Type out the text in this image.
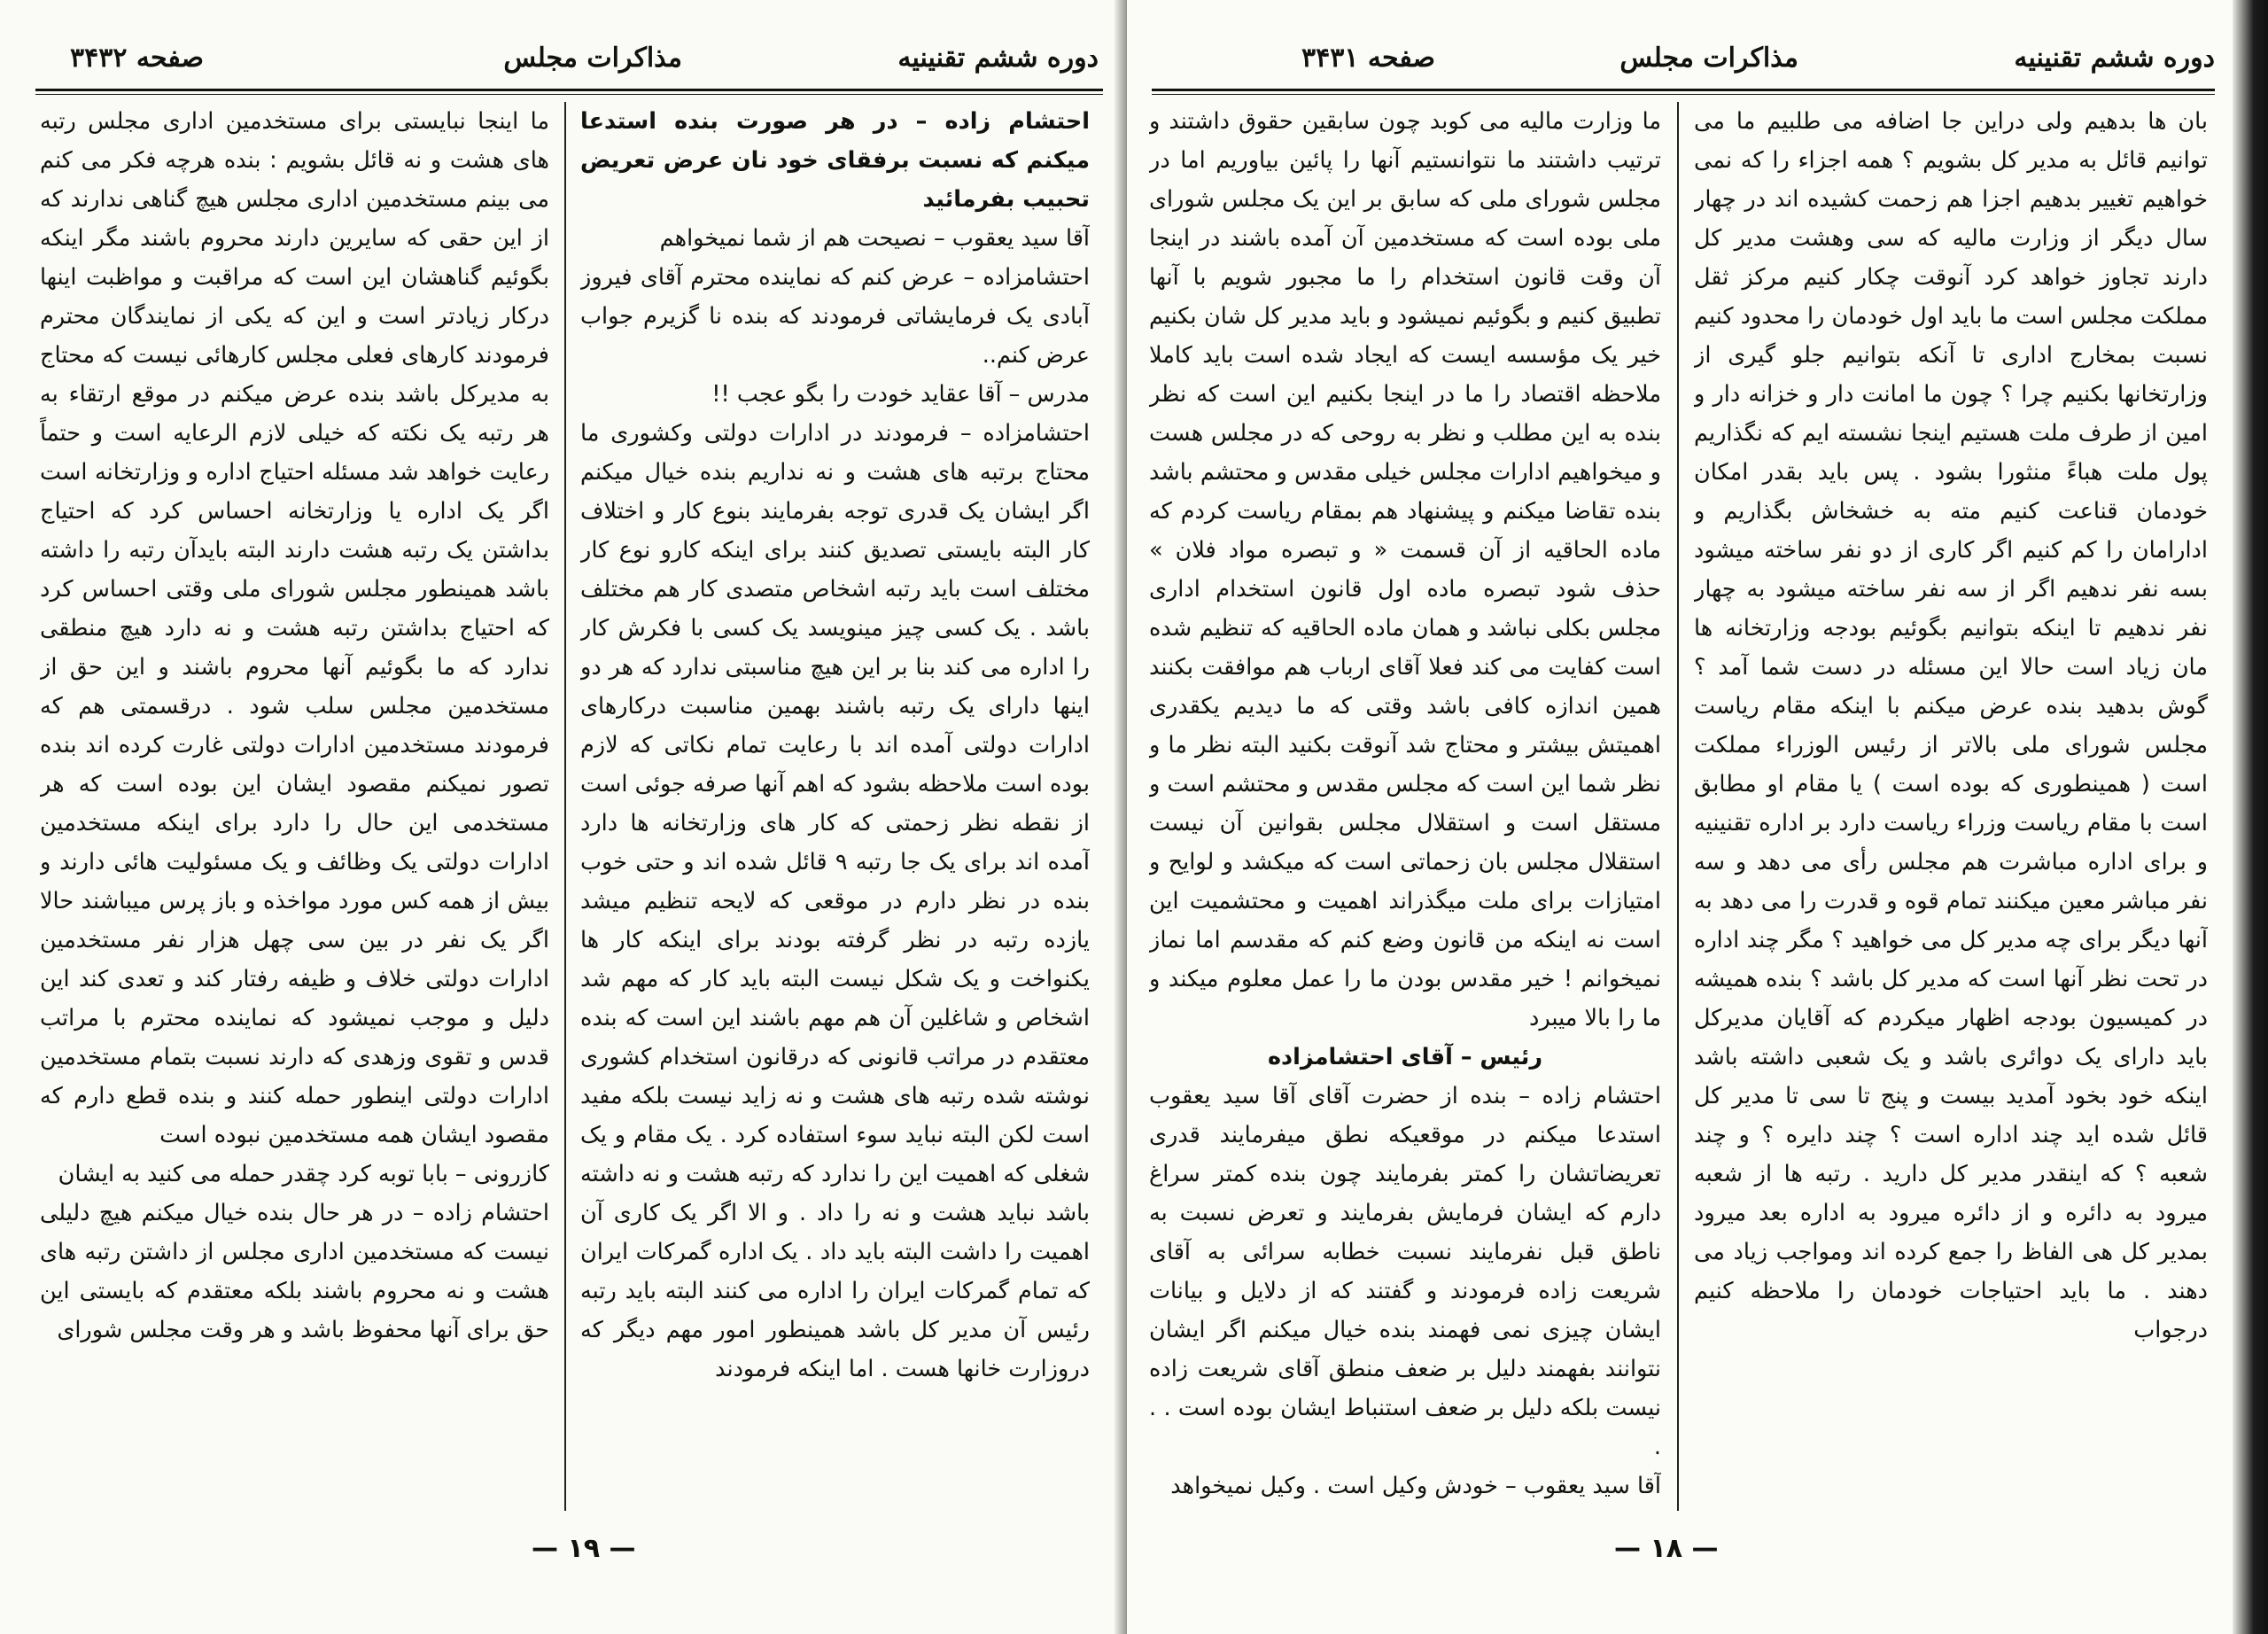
دوره ششم تقنینیه
مذاکرات مجلس
صفحه ۳۴۳۲

احتشام زاده – در هر صورت بنده استدعا میکنم که نسبت برفقای خود نان عرض تعریض تحبیب بفرمائید

آقا سید یعقوب – نصیحت هم از شما نمیخواهم

احتشامزاده – عرض کنم که نماینده محترم آقای فیروز آبادی یک فرمایشاتی فرمودند که بنده نا گزیرم جواب عرض کنم..

مدرس – آقا عقاید خودت را بگو عجب !!

احتشامزاده – فرمودند در ادارات دولتی وکشوری ما محتاج برتبه های هشت و نه نداریم بنده خیال میکنم اگر ایشان یک قدری توجه بفرمایند بنوع کار و اختلاف کار البته بایستی تصدیق کنند برای اینکه کارو نوع کار مختلف است باید رتبه اشخاص متصدی کار هم مختلف باشد . یک کسی چیز مینویسد یک کسی با فکرش کار را اداره می کند بنا بر این هیچ مناسبتی ندارد که هر دو اینها دارای یک رتبه باشند بهمین مناسبت درکارهای ادارات دولتی آمده اند با رعایت تمام نکاتی که لازم بوده است ملاحظه بشود که اهم آنها صرفه جوئی است از نقطه نظر زحمتی که کار های وزارتخانه ها دارد آمده اند برای یک جا رتبه ۹ قائل شده اند و حتی خوب بنده در نظر دارم در موقعی که لایحه تنظیم میشد یازده رتبه در نظر گرفته بودند برای اینکه کار ها یکنواخت و یک شکل نیست البته باید کار که مهم شد اشخاص و شاغلین آن هم مهم باشند این است که بنده معتقدم در مراتب قانونی که درقانون استخدام کشوری نوشته شده رتبه های هشت و نه زاید نیست بلکه مفید است لکن البته نباید سوء استفاده کرد . یک مقام و یک شغلی که اهمیت این را ندارد که رتبه هشت و نه داشته باشد نباید هشت و نه را داد . و الا اگر یک کاری آن اهمیت را داشت البته باید داد . یک اداره گمرکات ایران که تمام گمرکات ایران را اداره می کنند البته باید رتبه رئیس آن مدیر کل باشد همینطور امور مهم دیگر که دروزارت خانها هست . اما اینکه فرمودند

ما اینجا نبایستی برای مستخدمین اداری مجلس رتبه های هشت و نه قائل بشویم : بنده هرچه فکر می کنم می بینم مستخدمین اداری مجلس هیچ گناهی ندارند که از این حقی که سایرین دارند محروم باشند مگر اینکه بگوئیم گناهشان این است که مراقبت و مواظبت اینها درکار زیادتر است و این که یکی از نمایندگان محترم فرمودند کارهای فعلی مجلس کارهائی نیست که محتاج به مدیرکل باشد بنده عرض میکنم در موقع ارتقاء به هر رتبه یک نکته که خیلی لازم الرعایه است و حتماً رعایت خواهد شد مسئله احتیاج اداره و وزارتخانه است اگر یک اداره یا وزارتخانه احساس کرد که احتیاج بداشتن یک رتبه هشت دارند البته بایدآن رتبه را داشته باشد همینطور مجلس شورای ملی وقتی احساس کرد که احتیاج بداشتن رتبه هشت و نه دارد هیچ منطقی ندارد که ما بگوئیم آنها محروم باشند و این حق از مستخدمین مجلس سلب شود . درقسمتی هم که فرمودند مستخدمین ادارات دولتی غارت کرده اند بنده تصور نمیکنم مقصود ایشان این بوده است که هر مستخدمی این حال را دارد برای اینکه مستخدمین ادارات دولتی یک وظائف و یک مسئولیت هائی دارند و بیش از همه کس مورد مواخذه و باز پرس میباشند حالا اگر یک نفر در بین سی چهل هزار نفر مستخدمین ادارات دولتی خلاف و ظیفه رفتار کند و تعدی کند این دلیل و موجب نمیشود که نماینده محترم با مراتب قدس و تقوی وزهدی که دارند نسبت بتمام مستخدمین ادارات دولتی اینطور حمله کنند و بنده قطع دارم که مقصود ایشان همه مستخدمین نبوده است

کازرونی – بابا توبه کرد چقدر حمله می کنید به ایشان

احتشام زاده – در هر حال بنده خیال میکنم هیچ دلیلی نیست که مستخدمین اداری مجلس از داشتن رتبه های هشت و نه محروم باشند بلکه معتقدم که بایستی این حق برای آنها محفوظ باشد و هر وقت مجلس شورای

— ۱۹ —
دوره ششم تقنینیه
مذاکرات مجلس
صفحه ۳۴۳۱

بان ها بدهیم ولی دراین جا اضافه می طلبیم ما می توانیم قائل به مدیر کل بشویم ؟ همه اجزاء را که نمی خواهیم تغییر بدهیم اجزا هم زحمت کشیده اند در چهار سال دیگر از وزارت مالیه که سی وهشت مدیر کل دارند تجاوز خواهد کرد آنوقت چکار کنیم مرکز ثقل مملکت مجلس است ما باید اول خودمان را محدود کنیم نسبت بمخارج اداری تا آنکه بتوانیم جلو گیری از وزارتخانها بکنیم چرا ؟ چون ما امانت دار و خزانه دار و امین از طرف ملت هستیم اینجا نشسته ایم که نگذاریم پول ملت هباءً منثورا بشود . پس باید بقدر امکان خودمان قناعت کنیم مته به خشخاش بگذاریم و ادارامان را کم کنیم اگر کاری از دو نفر ساخته میشود بسه نفر ندهیم اگر از سه نفر ساخته میشود به چهار نفر ندهیم تا اینکه بتوانیم بگوئیم بودجه وزارتخانه ها مان زیاد است حالا این مسئله در دست شما آمد ؟ گوش بدهید بنده عرض میکنم با اینکه مقام ریاست مجلس شورای ملی بالاتر از رئیس الوزراء مملکت است ( همینطوری که بوده است ) یا مقام او مطابق است با مقام ریاست وزراء ریاست دارد بر اداره تقنینیه و برای اداره مباشرت هم مجلس رأی می دهد و سه نفر مباشر معین میکنند تمام قوه و قدرت را می دهد به آنها دیگر برای چه مدیر کل می خواهید ؟ مگر چند اداره در تحت نظر آنها است که مدیر کل باشد ؟ بنده همیشه در کمیسیون بودجه اظهار میکردم که آقایان مدیرکل باید دارای یک دوائری باشد و یک شعبی داشته باشد اینکه خود بخود آمدید بیست و پنج تا سی تا مدیر کل قائل شده اید چند اداره است ؟ چند دایره ؟ و چند شعبه ؟ که اینقدر مدیر کل دارید . رتبه ها از شعبه میرود به دائره و از دائره میرود به اداره بعد میرود بمدیر کل هی الفاظ را جمع کرده اند ومواجب زیاد می دهند . ما باید احتیاجات خودمان را ملاحظه کنیم درجواب

ما وزارت مالیه می کوبد چون سابقین حقوق داشتند و ترتیب داشتند ما نتوانستیم آنها را پائین بیاوریم اما در مجلس شورای ملی که سابق بر این یک مجلس شورای ملی بوده است که مستخدمین آن آمده باشند در اینجا آن وقت قانون استخدام را ما مجبور شویم با آنها تطبیق کنیم و بگوئیم نمیشود و باید مدیر کل شان بکنیم خیر یک مؤسسه ایست که ایجاد شده است باید کاملا ملاحظه اقتصاد را ما در اینجا بکنیم این است که نظر بنده به این مطلب و نظر به روحی که در مجلس هست و میخواهیم ادارات مجلس خیلی مقدس و محتشم باشد بنده تقاضا میکنم و پیشنهاد هم بمقام ریاست کردم که ماده الحاقیه از آن قسمت « و تبصره مواد فلان » حذف شود تبصره ماده اول قانون استخدام اداری مجلس بکلی نباشد و همان ماده الحاقیه که تنظیم شده است کفایت می کند فعلا آقای ارباب هم موافقت بکنند همین اندازه کافی باشد وقتی که ما دیدیم یکقدری اهمیتش بیشتر و محتاج شد آنوقت بکنید البته نظر ما و نظر شما این است که مجلس مقدس و محتشم است و مستقل است و استقلال مجلس بقوانین آن نیست استقلال مجلس بان زحماتی است که میکشد و لوایح و امتیازات برای ملت میگذراند اهمیت و محتشمیت این است نه اینکه من قانون وضع کنم که مقدسم اما نماز نمیخوانم ! خیر مقدس بودن ما را عمل معلوم میکند و ما را بالا میبرد

رئیس – آقای احتشامزاده

احتشام زاده – بنده از حضرت آقای آقا سید یعقوب استدعا میکنم در موقعیکه نطق میفرمایند قدری تعریضاتشان را کمتر بفرمایند چون بنده کمتر سراغ دارم که ایشان فرمایش بفرمایند و تعرض نسبت به ناطق قبل نفرمایند نسبت خطابه سرائی به آقای شریعت زاده فرمودند و گفتند که از دلایل و بیانات ایشان چیزی نمی فهمند بنده خیال میکنم اگر ایشان نتوانند بفهمند دلیل بر ضعف منطق آقای شریعت زاده نیست بلکه دلیل بر ضعف استنباط ایشان بوده است . . .

آقا سید یعقوب – خودش وکیل است . وکیل نمیخواهد

— ۱۸ —
